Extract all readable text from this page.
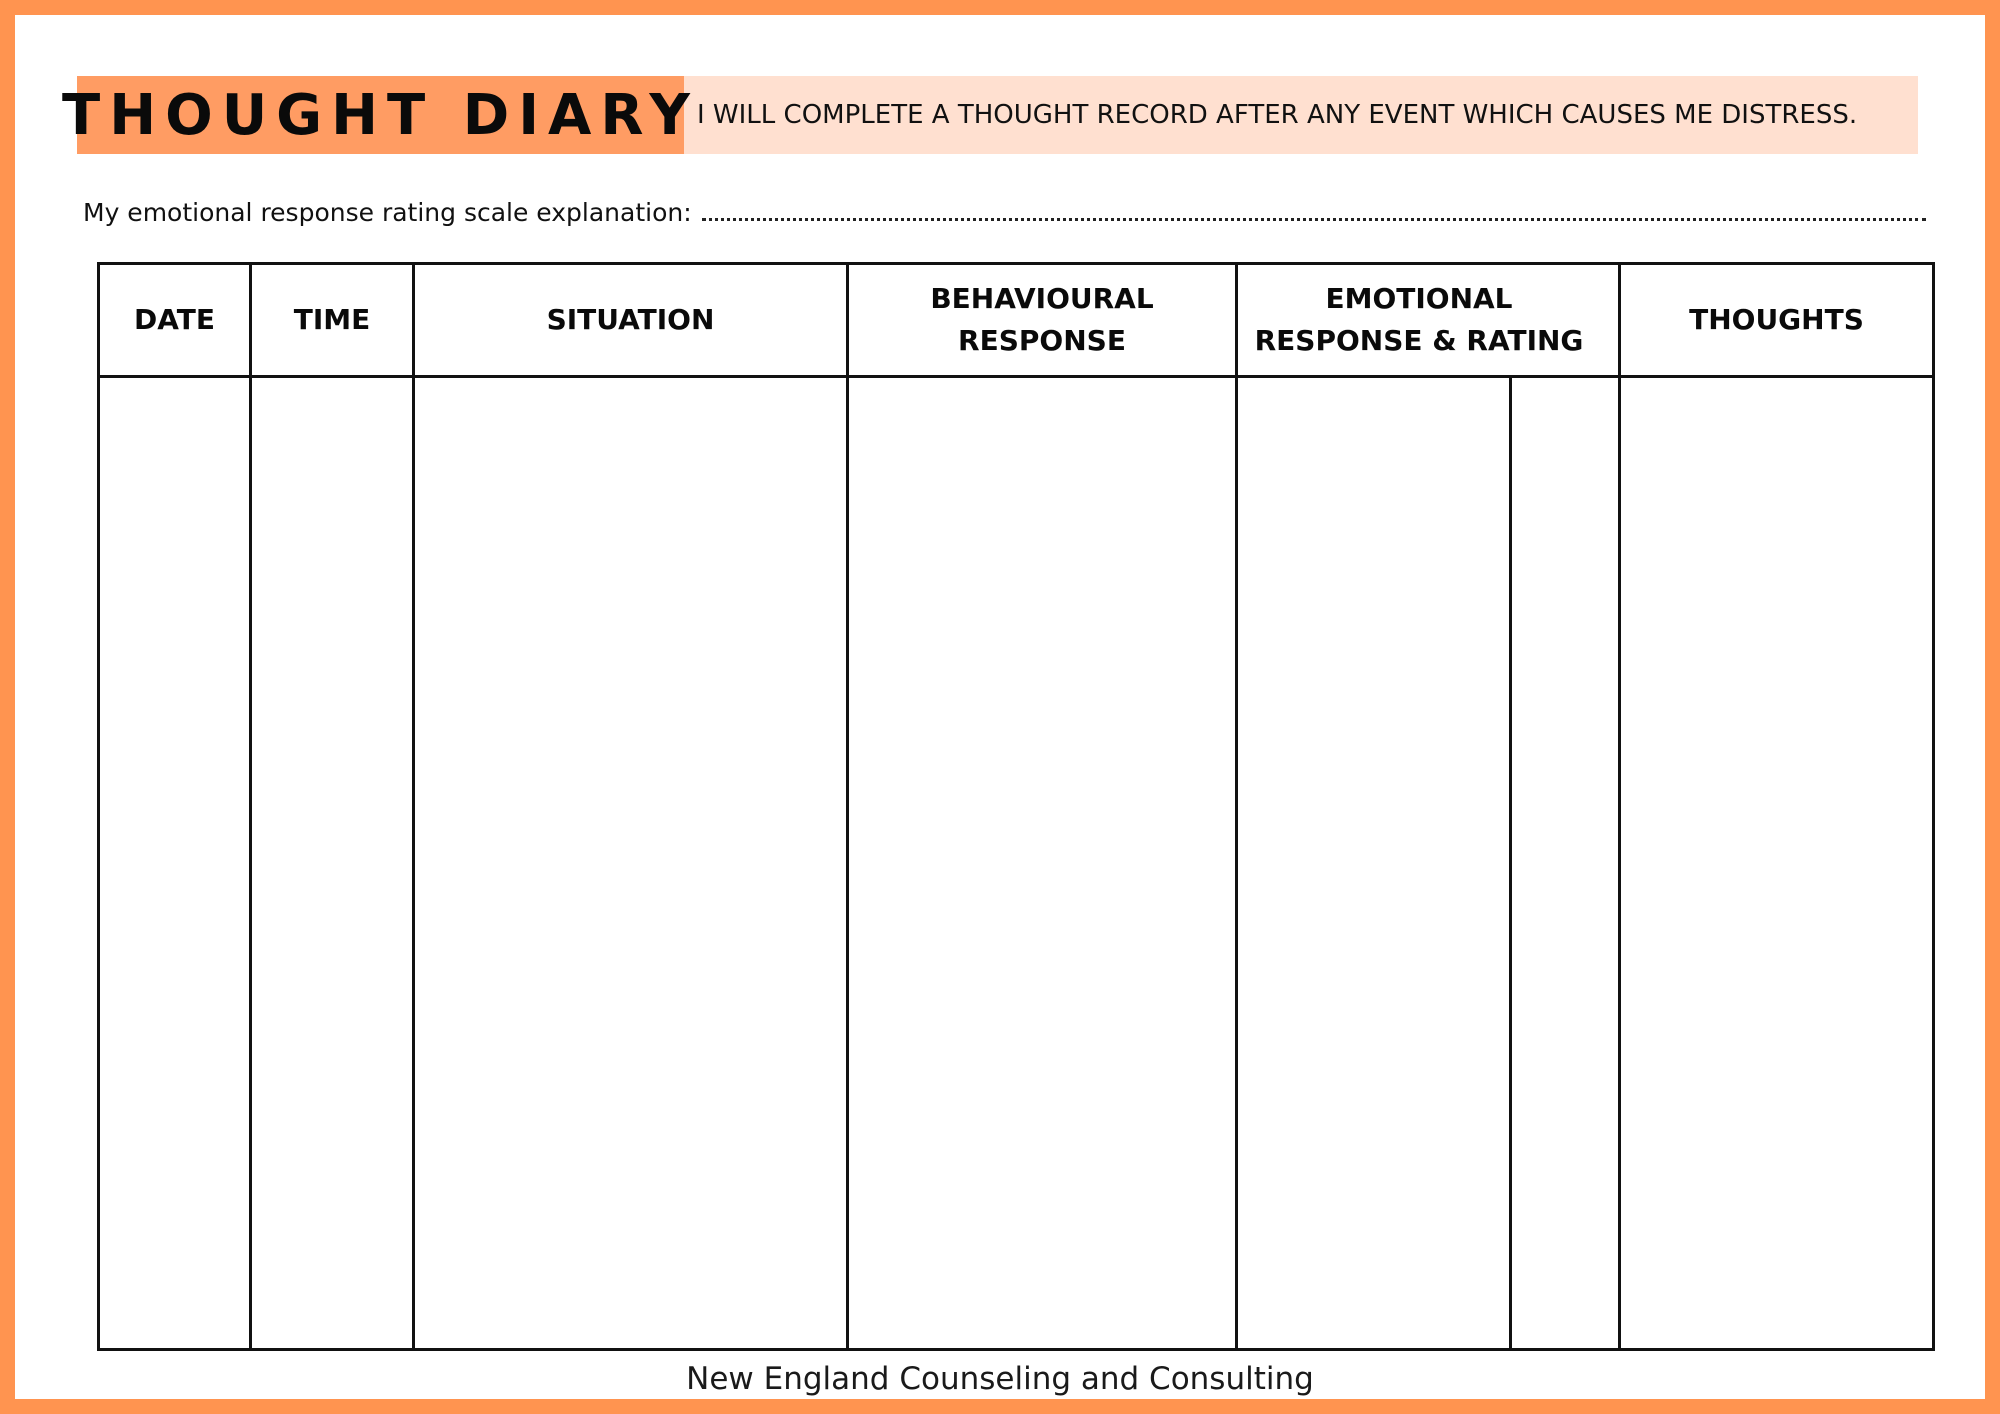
THOUGHT DIARY
I WILL COMPLETE A THOUGHT RECORD AFTER ANY EVENT WHICH CAUSES ME DISTRESS.
My emotional response rating scale explanation:
DATE	TIME	SITUATION	BEHAVIOURAL RESPONSE	EMOTIONAL RESPONSE & RATING		THOUGHTS

New England Counseling and Consulting
